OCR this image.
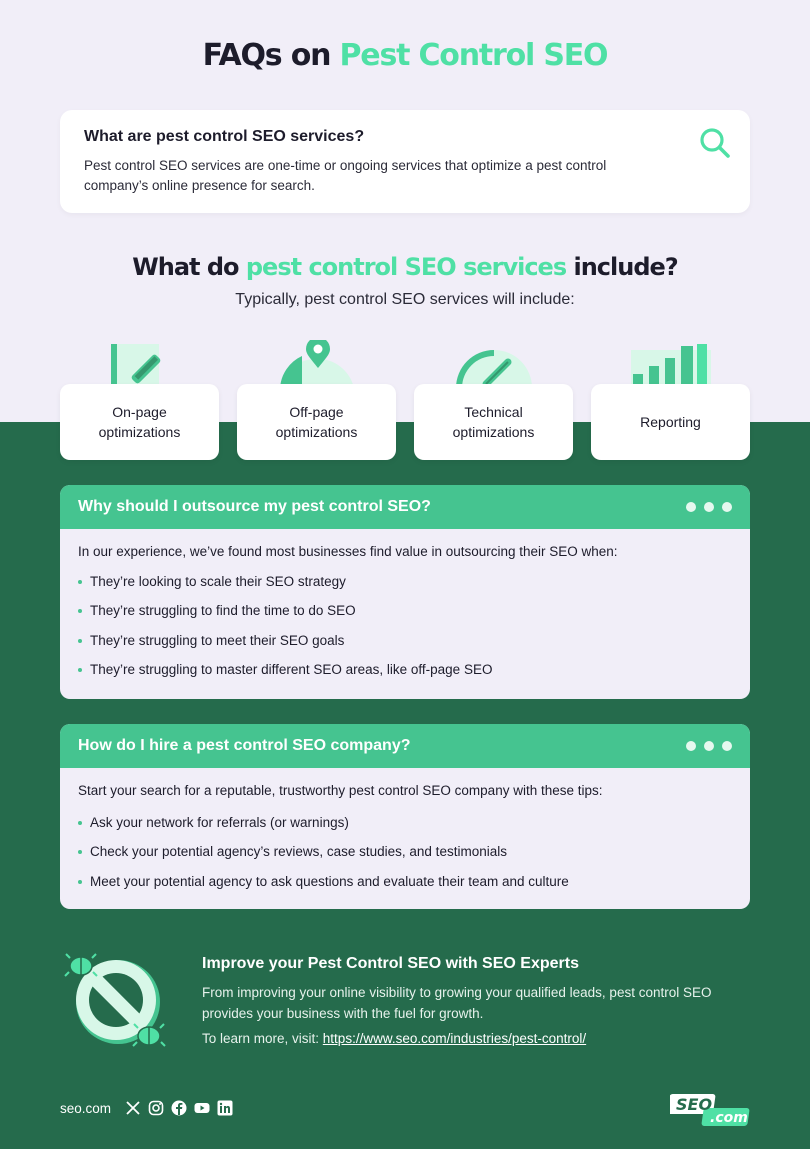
FAQs on Pest Control SEO
What are pest control SEO services?

Pest control SEO services are one-time or ongoing services that optimize a pest control company’s online presence for search.

What do pest control SEO services include?
Typically, pest control SEO services will include:
On-page optimizations
Off-page optimizations
Technical optimizations
Reporting
Why should I outsource my pest control SEO?
In our experience, we’ve found most businesses find value in outsourcing their SEO when:
They’re looking to scale their SEO strategy
They’re struggling to find the time to do SEO
They’re struggling to meet their SEO goals
They’re struggling to master different SEO areas, like off-page SEO
How do I hire a pest control SEO company?
Start your search for a reputable, trustworthy pest control SEO company with these tips:
Ask your network for referrals (or warnings)
Check your potential agency’s reviews, case studies, and testimonials
Meet your potential agency to ask questions and evaluate their team and culture
Improve your Pest Control SEO with SEO Experts
From improving your online visibility to growing your qualified leads, pest control SEO provides your business with the fuel for growth.
To learn more, visit: https://www.seo.com/industries/pest-control/
seo.com	SEO
.com
